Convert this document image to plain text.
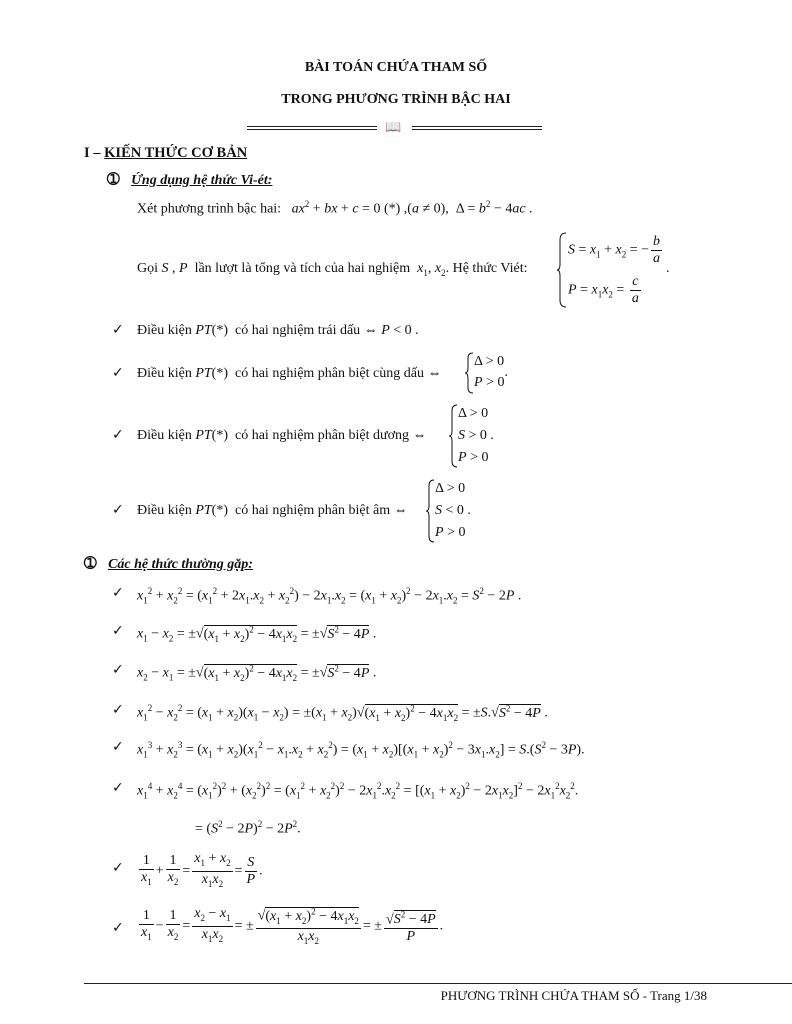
BÀI TOÁN CHỨA THAM SỐ
TRONG PHƯƠNG TRÌNH BẬC HAI
📖
I – KIẾN THỨC CƠ BẢN
➀ Ứng dụng hệ thức Vi-ét:
Xét phương trình bậc hai: $ax^2$ + bx + c = 0 (*) ,(a ≠ 0),  $\Delta = b^2 - 4ac$ .
Gọi S , P lần lượt là tổng và tích của hai nghiệm $x_1$, $x_2$. Hệ thức Viét:
$S = x_1 + x_2$ = − $\frac{b}{a}$
$P = x_1x_2 = \frac{c}{a}$
.
✓ Điều kiện PT(*)  có hai nghiệm trái dấu ⇔ P < 0 .
✓ Điều kiện PT(*)  có hai nghiệm phân biệt cùng dấu ⇔
Δ > 0
P > 0.
✓ Điều kiện PT(*)  có hai nghiệm phân biệt dương ⇔
Δ > 0
S > 0 .
P > 0
✓ Điều kiện PT(*)  có hai nghiệm phân biệt âm ⇔
Δ > 0
S < 0 .
P > 0
➀ Các hệ thức thường gặp:
✓ $x_1^2 + x_2^2 = (x_1^2 + 2x_1.x_2 + x_2^2) - 2x_1.x_2 = (x_1 + x_2)^2 - 2x_1.x_2 = S^2 - 2P$ .
✓ $x_1 - x_2 = \pm√(x_1 + x_2)^2 - 4x_1x_2 = \pm√S^2 - 4P$ .
✓ $x_2 - x_1 = \pm√(x_1 + x_2)^2 - 4x_1x_2 = \pm√S^2 - 4P$ .
✓ $x_1^2 - x_2^2 = (x_1 + x_2)(x_1 - x_2) = \pm(x_1 + x_2)√(x_1 + x_2)^2 - 4x_1x_2 = \pm S.√S^2 - 4P$ .
✓ $x_1^3 + x_2^3 = (x_1 + x_2)(x_1^2 - x_1.x_2 + x_2^2) = (x_1 + x_2)[(x_1 + x_2)^2 - 3x_1.x_2] = S.(S^2 - 3P)$.
✓ $x_1^4 + x_2^4 = (x_1^2)^2 + (x_2^2)^2 = (x_1^2 + x_2^2)^2 - 2x_1^2.x_2^2 = [(x_1 + x_2)^2 - 2x_1x_2]^2 - 2x_1^2x_2^2$.
= $(S^2 - 2P)^2 - 2P^2$.
✓ $\frac{1}{x_1} + \frac{1}{x_2} = \frac{x_1 + x_2}{x_1x_2} = \frac{S}{P}$ .
✓ $\frac{1}{x_1} - \frac{1}{x_2} = \frac{x_2 - x_1}{x_1x_2}$ = ± $\frac{√(x_1 + x_2)^2 - 4x_1x_2}{x_1x_2}$ = ± $\frac{√S^2 - 4P}{P}$ .
PHƯƠNG TRÌNH CHỨA THAM SỐ - Trang 1/38
